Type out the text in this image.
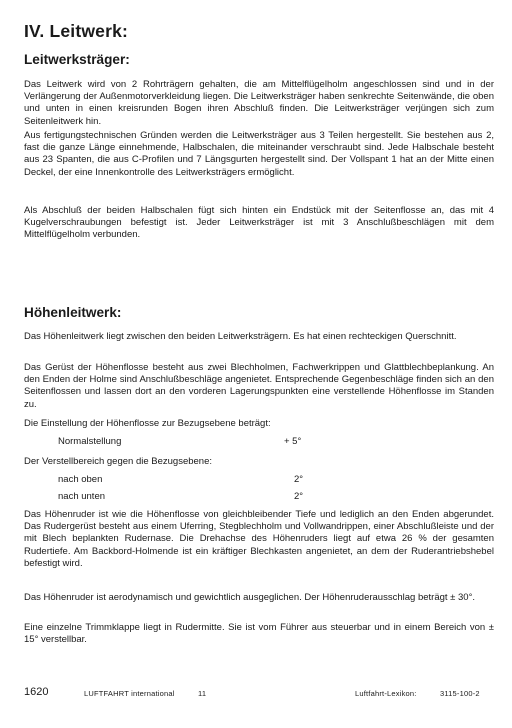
IV. Leitwerk:
Leitwerksträger:

Das Leitwerk wird von 2 Rohrträgern gehalten, die am Mittelflügelholm angeschlossen sind und in der Verlängerung der Außenmotorverkleidung liegen. Die Leitwerksträger haben senkrechte Seitenwände, die oben und unten in einen kreisrunden Bogen ihren Abschluß finden. Die Leitwerksträger verjüngen sich zum Seitenleitwerk hin.

Aus fertigungstechnischen Gründen werden die Leitwerksträger aus 3 Teilen hergestellt. Sie bestehen aus 2, fast die ganze Länge einnehmende, Halbschalen, die miteinander verschraubt sind. Jede Halbschale besteht aus 23 Spanten, die aus C-Profilen und 7 Längsgurten hergestellt sind. Der Vollspant 1 hat an der Mitte einen Deckel, der eine Innenkontrolle des Leitwerksträgers ermöglicht.

Als Abschluß der beiden Halbschalen fügt sich hinten ein Endstück mit der Seitenflosse an, das mit 4 Kugelverschraubungen befestigt ist. Jeder Leitwerksträger ist mit 3 Anschlußbeschlägen mit dem Mittelflügelholm verbunden.

Höhenleitwerk:

Das Höhenleitwerk liegt zwischen den beiden Leitwerksträgern. Es hat einen rechteckigen Querschnitt.

Das Gerüst der Höhenflosse besteht aus zwei Blechholmen, Fachwerkrippen und Glattblechbeplankung. An den Enden der Holme sind Anschlußbeschläge angenietet. Entsprechende Gegenbeschläge finden sich an den Seitenflossen und lassen dort an den vorderen Lagerungspunkten eine verstellende Höhenflosse im Standen zu.

Die Einstellung der Höhenflosse zur Bezugsebene beträgt:

Normalstellung	+ 5°

Der Verstellbereich gegen die Bezugsebene:

nach oben	2°
nach unten	2°

Das Höhenruder ist wie die Höhenflosse von gleichbleibender Tiefe und lediglich an den Enden abgerundet. Das Rudergerüst besteht aus einem Uferring, Stegblechholm und Vollwandrippen, einer Abschlußleiste und der mit Blech beplankten Rudernase. Die Drehachse des Höhenruders liegt auf etwa 26 % der gesamten Rudertiefe. Am Backbord-Holmende ist ein kräftiger Blechkasten angenietet, an dem der Ruderantriebshebel befestigt wird.

Das Höhenruder ist aerodynamisch und gewichtlich ausgeglichen. Der Höhenruderausschlag beträgt ± 30°.

Eine einzelne Trimmklappe liegt in Rudermitte. Sie ist vom Führer aus steuerbar und in einem Bereich von ± 15° verstellbar.

1620	LUFTFAHRT international	11	Luftfahrt-Lexikon:	3115-100-2
